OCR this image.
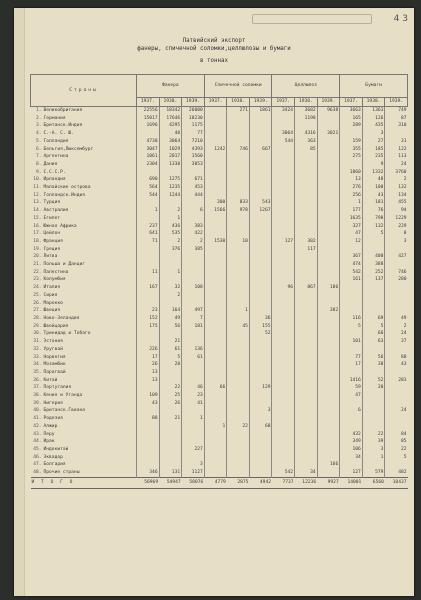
4 3
Латвийский экспорт
фанеры, спичечной соломки,целлюлозы и бумаги
в тоннах
Страны		Фанера			Спичечной соломки			Целлюлоз			Бумаги		
		1937.	1938.	1939.	1937.	1938.	1939.	1937.	1938.	1939.	1937.	1938.	1939.
1.	Великобритания	22556	18342	26000		271	1861	3424	3682	9638	3663	1363	749
2.	Германия	15017	17646	10230					1198		165	126	87
3.	Британск.Индия	1696	4295	1175							289	435	310
4.	С.-А. С. Ш.		40	77				3064	4316	3021		3	
5.	Голландия	4738	3064	7210				544	363		159	27	31
6.	Бельгия,Люксембург	3047	1029	4393	1242	746	667		85		355	185	122
7.	Аргентина	1061	2017	1560							275	235	113
8.	Дания	2304	1338	3053								9	24
9.	С.С.С.Р.										1860	1332	3760
10.	Ирландия	690	1275	671							13	48	2
11.	Малайские острова	564	1235	453							276	100	132
12.	Голландск.Индия	544	1244	444							256	43	134
13.	Турция				300	833	543				1	181	455
14.	Австралия	1	2	6	1566	978	1267				177	76	94
15.	Египет		1								1635	798	1229
16.	Южная Африка	237	436	383							327	132	229
17.	Цейлон	641	535	422							47	5	8
18.	Франция	71	2	2	1530	10		127	302		12		3
19.	Греция		376	385					117				
20.	Литва										367	400	427
21.	Польша и Данциг										474	388	
22.	Палестина	11	1								542	252	746
23.	Колумбия										161	137	280
24.	Италия	167	32	108				96	867	186			
25.	Сирия		2										
26.	Марокко												
27.	Швеция	23	164	497		1				382			
28.	Ново-Зеландия	152	49	7			36				116	69	49
29.	Швейцария	175	56	181		45	155				5	5	2
30.	Тринидад и Тобаго						52					66	24
31.	Эстония		21								101	63	37
32.	Уругвай	226	61	136									
33.	Норвегия	17	5	61							77	56	88
34.	Мозамбик	26	28								17	38	43
35.	Парагвай	13											
36.	Китай	13									1416	52	283
37.	Португалия		22	46	66		129				59	20	
38.	Кения и Уганда	109	25	23							47		
39.	Нигерия	43	26	41									
40.	Британск.Гвиана						3				6		24
41.	Родезия	88	21	1									
42.	Алжир				1	22	68						
43.	Перу										432	22	84
44.	Ирак										349	39	85
45.	Индокитай			227							106	3	22
46.	Эквадор										34	1	5
47.	Болгария			3						166			
48.	Прочие страны	346	131	1127				542	34		127	579	482
И Т О Г О		56969	54947	58076	4779	2875	4942	7737	12236	9927	14001	6560	10437
